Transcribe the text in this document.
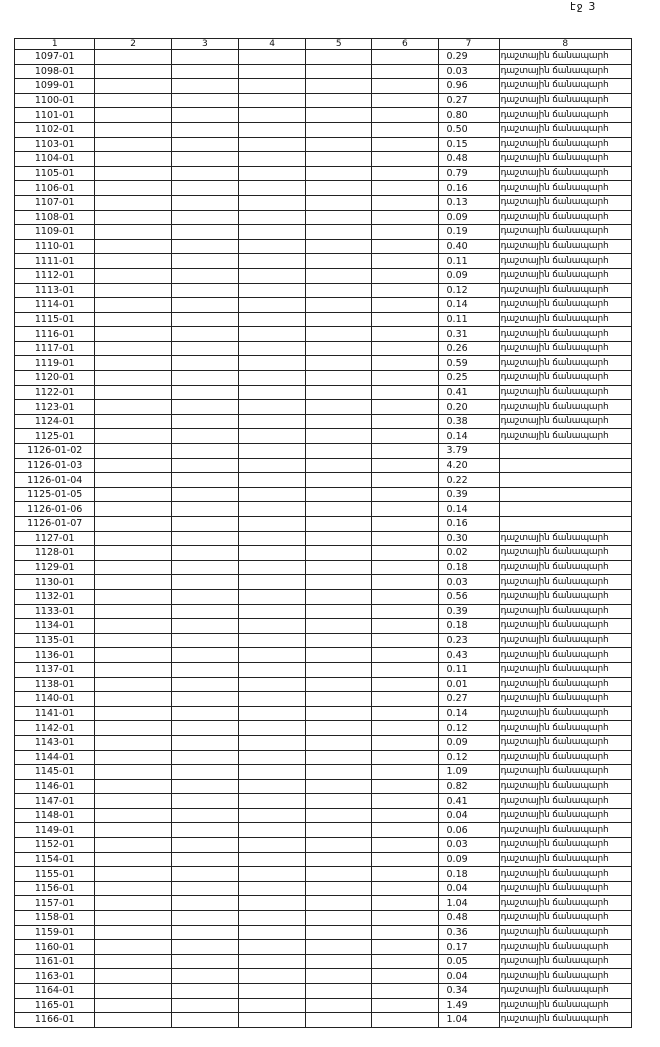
էջ 3
1	2	3	4	5	6	7	8
1097-01						0.29	դաշտային ճանապարհ
1098-01						0.03	դաշտային ճանապարհ
1099-01						0.96	դաշտային ճանապարհ
1100-01						0.27	դաշտային ճանապարհ
1101-01						0.80	դաշտային ճանապարհ
1102-01						0.50	դաշտային ճանապարհ
1103-01						0.15	դաշտային ճանապարհ
1104-01						0.48	դաշտային ճանապարհ
1105-01						0.79	դաշտային ճանապարհ
1106-01						0.16	դաշտային ճանապարհ
1107-01						0.13	դաշտային ճանապարհ
1108-01						0.09	դաշտային ճանապարհ
1109-01						0.19	դաշտային ճանապարհ
1110-01						0.40	դաշտային ճանապարհ
1111-01						0.11	դաշտային ճանապարհ
1112-01						0.09	դաշտային ճանապարհ
1113-01						0.12	դաշտային ճանապարհ
1114-01						0.14	դաշտային ճանապարհ
1115-01						0.11	դաշտային ճանապարհ
1116-01						0.31	դաշտային ճանապարհ
1117-01						0.26	դաշտային ճանապարհ
1119-01						0.59	դաշտային ճանապարհ
1120-01						0.25	դաշտային ճանապարհ
1122-01						0.41	դաշտային ճանապարհ
1123-01						0.20	դաշտային ճանապարհ
1124-01						0.38	դաշտային ճանապարհ
1125-01						0.14	դաշտային ճանապարհ
1126-01-02						3.79	
1126-01-03						4.20	
1126-01-04						0.22	
1125-01-05						0.39	
1126-01-06						0.14	
1126-01-07						0.16	
1127-01						0.30	դաշտային ճանապարհ
1128-01						0.02	դաշտային ճանապարհ
1129-01						0.18	դաշտային ճանապարհ
1130-01						0.03	դաշտային ճանապարհ
1132-01						0.56	դաշտային ճանապարհ
1133-01						0.39	դաշտային ճանապարհ
1134-01						0.18	դաշտային ճանապարհ
1135-01						0.23	դաշտային ճանապարհ
1136-01						0.43	դաշտային ճանապարհ
1137-01						0.11	դաշտային ճանապարհ
1138-01						0.01	դաշտային ճանապարհ
1140-01						0.27	դաշտային ճանապարհ
1141-01						0.14	դաշտային ճանապարհ
1142-01						0.12	դաշտային ճանապարհ
1143-01						0.09	դաշտային ճանապարհ
1144-01						0.12	դաշտային ճանապարհ
1145-01						1.09	դաշտային ճանապարհ
1146-01						0.82	դաշտային ճանապարհ
1147-01						0.41	դաշտային ճանապարհ
1148-01						0.04	դաշտային ճանապարհ
1149-01						0.06	դաշտային ճանապարհ
1152-01						0.03	դաշտային ճանապարհ
1154-01						0.09	դաշտային ճանապարհ
1155-01						0.18	դաշտային ճանապարհ
1156-01						0.04	դաշտային ճանապարհ
1157-01						1.04	դաշտային ճանապարհ
1158-01						0.48	դաշտային ճանապարհ
1159-01						0.36	դաշտային ճանապարհ
1160-01						0.17	դաշտային ճանապարհ
1161-01						0.05	դաշտային ճանապարհ
1163-01						0.04	դաշտային ճանապարհ
1164-01						0.34	դաշտային ճանապարհ
1165-01						1.49	դաշտային ճանապարհ
1166-01						1.04	դաշտային ճանապարհ
